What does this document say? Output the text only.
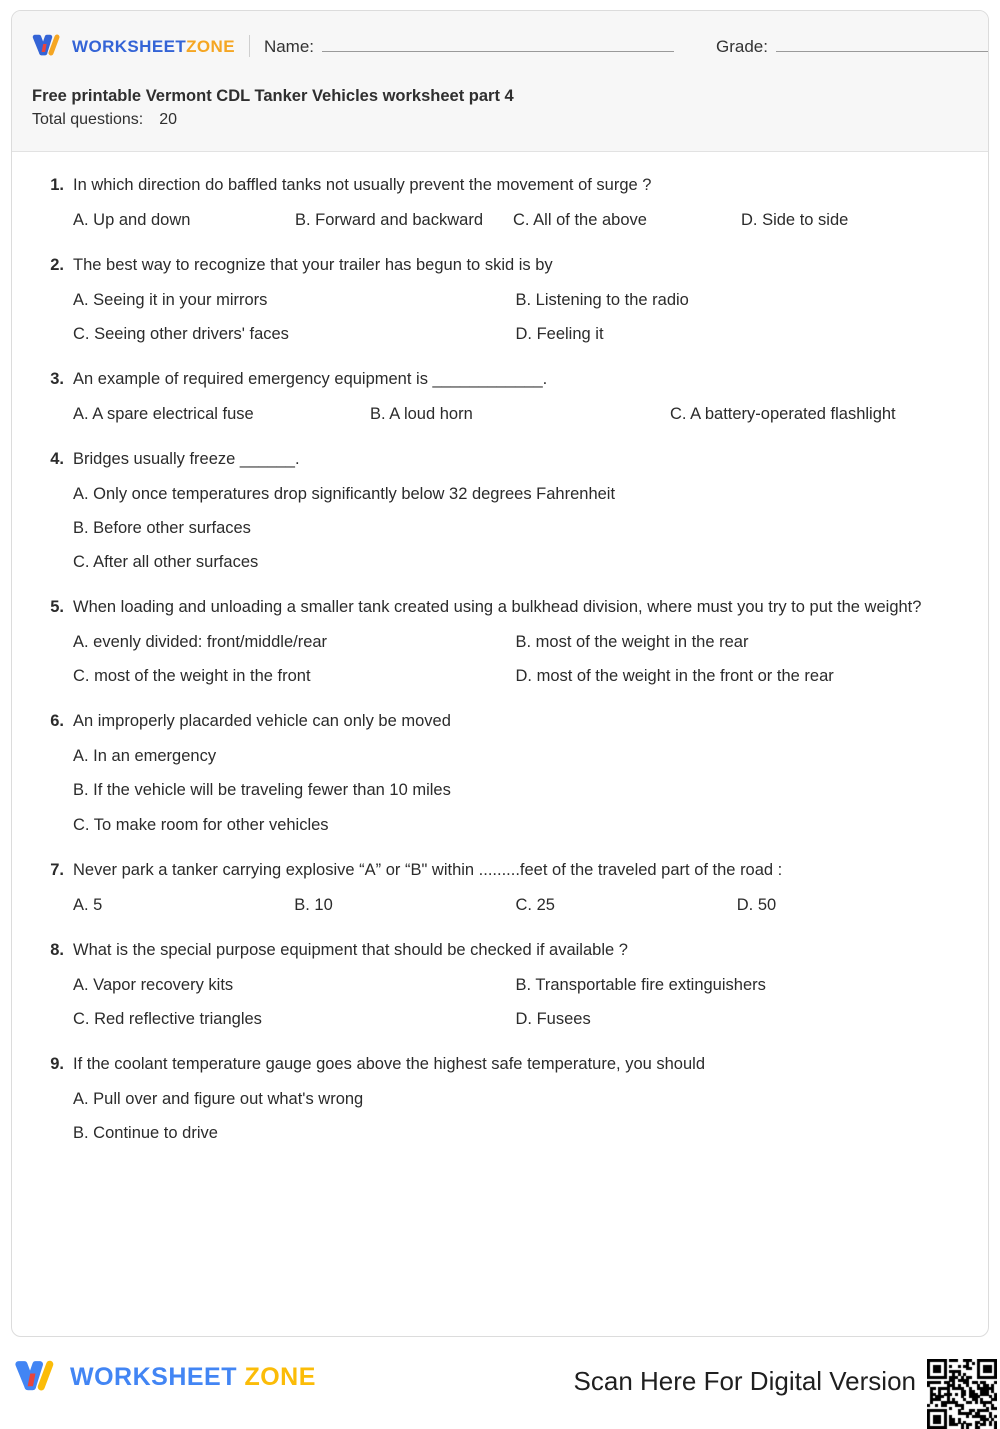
WORKSHEETZONE Name:	Grade:
Free printable Vermont CDL Tanker Vehicles worksheet part 4
Total questions: 20
1. In which direction do baffled tanks not usually prevent the movement of surge ?
A. Up and down	B. Forward and backward	C. All of the above	D. Side to side
2. The best way to recognize that your trailer has begun to skid is by
A. Seeing it in your mirrors	B. Listening to the radio
C. Seeing other drivers' faces	D. Feeling it
3. An example of required emergency equipment is ____________.
A. A spare electrical fuse	B. A loud horn	C. A battery-operated flashlight
4. Bridges usually freeze ______.
A. Only once temperatures drop significantly below 32 degrees Fahrenheit
B. Before other surfaces
C. After all other surfaces
5. When loading and unloading a smaller tank created using a bulkhead division, where must you try to put the weight?
A. evenly divided: front/middle/rear	B. most of the weight in the rear
C. most of the weight in the front	D. most of the weight in the front or the rear
6. An improperly placarded vehicle can only be moved
A. In an emergency
B. If the vehicle will be traveling fewer than 10 miles
C. To make room for other vehicles
7. Never park a tanker carrying explosive “A” or “B" within .........feet of the traveled part of the road :
A. 5	B. 10	C. 25	D. 50
8. What is the special purpose equipment that should be checked if available ?
A. Vapor recovery kits	B. Transportable fire extinguishers
C. Red reflective triangles	D. Fusees
9. If the coolant temperature gauge goes above the highest safe temperature, you should
A. Pull over and figure out what's wrong
B. Continue to drive
WORKSHEET ZONE	Scan Here For Digital Version
